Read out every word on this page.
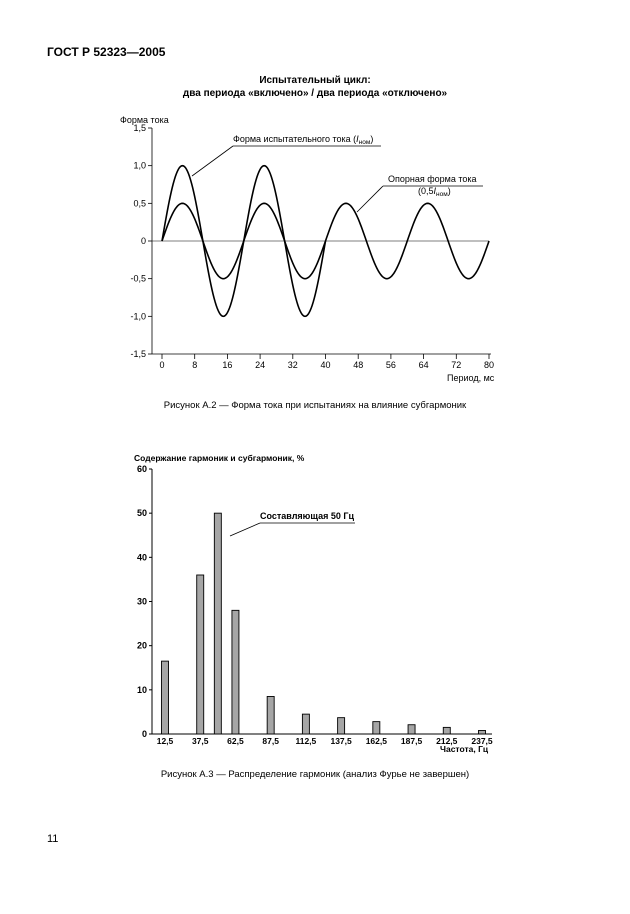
ГОСТ Р 52323—2005
Испытательный цикл:
два периода «включено» / два периода «отключено»
1,5
1,0
0,5
0
-0,5
-1,0
-1,5
0	8	16	24	32	40	48	56	64	72	80
Форма тока
Период, мс
Форма испытательного тока $(I_{ном})$
Опорная форма тока
$(0,5I_{ном})$
Рисунок А.2 — Форма тока при испытаниях на влияние субгармоник
Содержание гармоник и субгармоник, %
Частота, Гц
0
10
20
30
40
50
60
12,5 37,5 62,5 87,5 112,5 137,5 162,5 187,5 212,5 237,5
Составляющая 50 Гц
Рисунок А.3 — Распределение гармоник (анализ Фурье не завершен)
11
